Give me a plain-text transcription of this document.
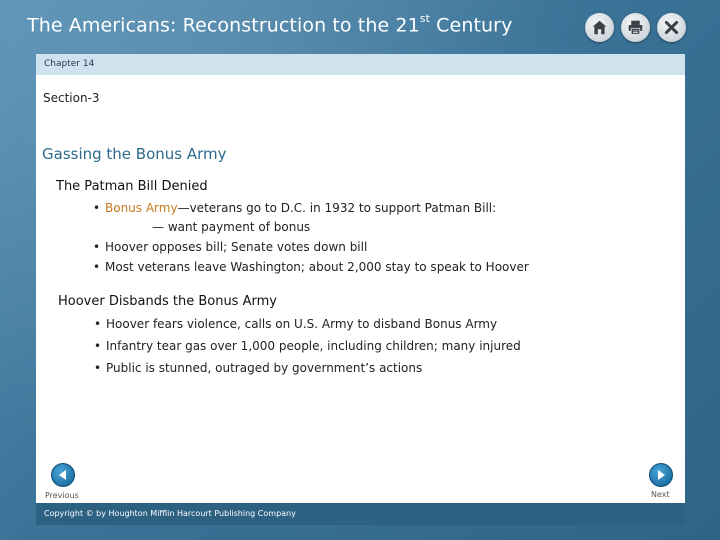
The Americans: Reconstruction to the 21st Century
Chapter 14
Section-3
Gassing the Bonus Army
The Patman Bill Denied
• Bonus Army—veterans go to D.C. in 1932 to support Patman Bill:
— want payment of bonus
• Hoover opposes bill; Senate votes down bill
• Most veterans leave Washington; about 2,000 stay to speak to Hoover
Hoover Disbands the Bonus Army
• Hoover fears violence, calls on U.S. Army to disband Bonus Army
• Infantry tear gas over 1,000 people, including children; many injured
• Public is stunned, outraged by government’s actions
Previous	Next
Copyright © by Houghton Mifflin Harcourt Publishing Company
